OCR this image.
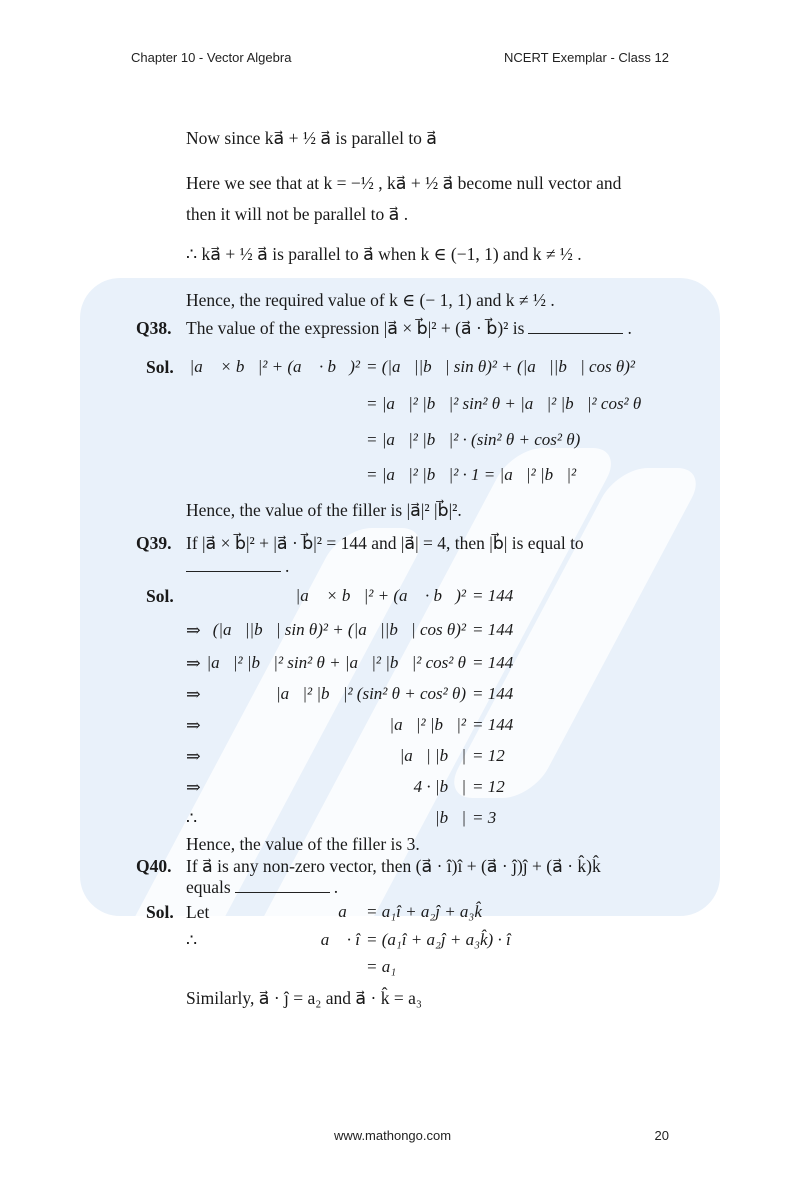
Chapter 10 - Vector Algebra	NCERT Exemplar - Class 12
Now since ka⃗ + ½ a⃗ is parallel to a⃗
Here we see that at k = −½ , ka⃗ + ½ a⃗ become null vector and
then it will not be parallel to a⃗ .
∴ ka⃗ + ½ a⃗ is parallel to a⃗ when k ∈ (−1, 1) and k ≠ ½ .
Hence, the required value of k ∈ (− 1, 1) and k ≠ ½ .
Q38. The value of the expression |a⃗ × b⃗|² + (a⃗ · b⃗)² is	.
Sol. |a⃗ × b⃗|² + (a⃗ · b⃗)² = (|a⃗||b⃗| sin θ)² + (|a⃗||b⃗| cos θ)²
= |a⃗|² |b⃗|² sin² θ + |a⃗|² |b⃗|² cos² θ
= |a⃗|² |b⃗|² · (sin² θ + cos² θ)
= |a⃗|² |b⃗|² · 1 = |a⃗|² |b⃗|²
Hence, the value of the filler is |a⃗|² |b⃗|².
Q39. If |a⃗ × b⃗|² + |a⃗ · b⃗|² = 144 and |a⃗| = 4, then |b⃗| is equal to
.
Sol.	|a⃗ × b⃗|² + (a⃗ · b⃗)² = 144
⇒ (|a⃗||b⃗| sin θ)² + (|a⃗||b⃗| cos θ)² = 144
⇒ |a⃗|² |b⃗|² sin² θ + |a⃗|² |b⃗|² cos² θ = 144
⇒	|a⃗|² |b⃗|² (sin² θ + cos² θ) = 144
⇒	|a⃗|² |b⃗|² = 144
⇒	|a⃗| |b⃗| = 12
⇒	4 · |b⃗| = 12
∴	|b⃗| = 3
Hence, the value of the filler is 3.
Q40. If a⃗ is any non-zero vector, then (a⃗ · î)î + (a⃗ · ĵ)ĵ + (a⃗ · k̂)k̂
equals	.
Sol. Let	a⃗ = a₁î + a₂ĵ + a₃k̂
∴	a⃗ · î = (a₁î + a₂ĵ + a₃k̂) · î
= a₁
Similarly, a⃗ · ĵ = a₂ and a⃗ · k̂ = a₃
www.mathongo.com	20
